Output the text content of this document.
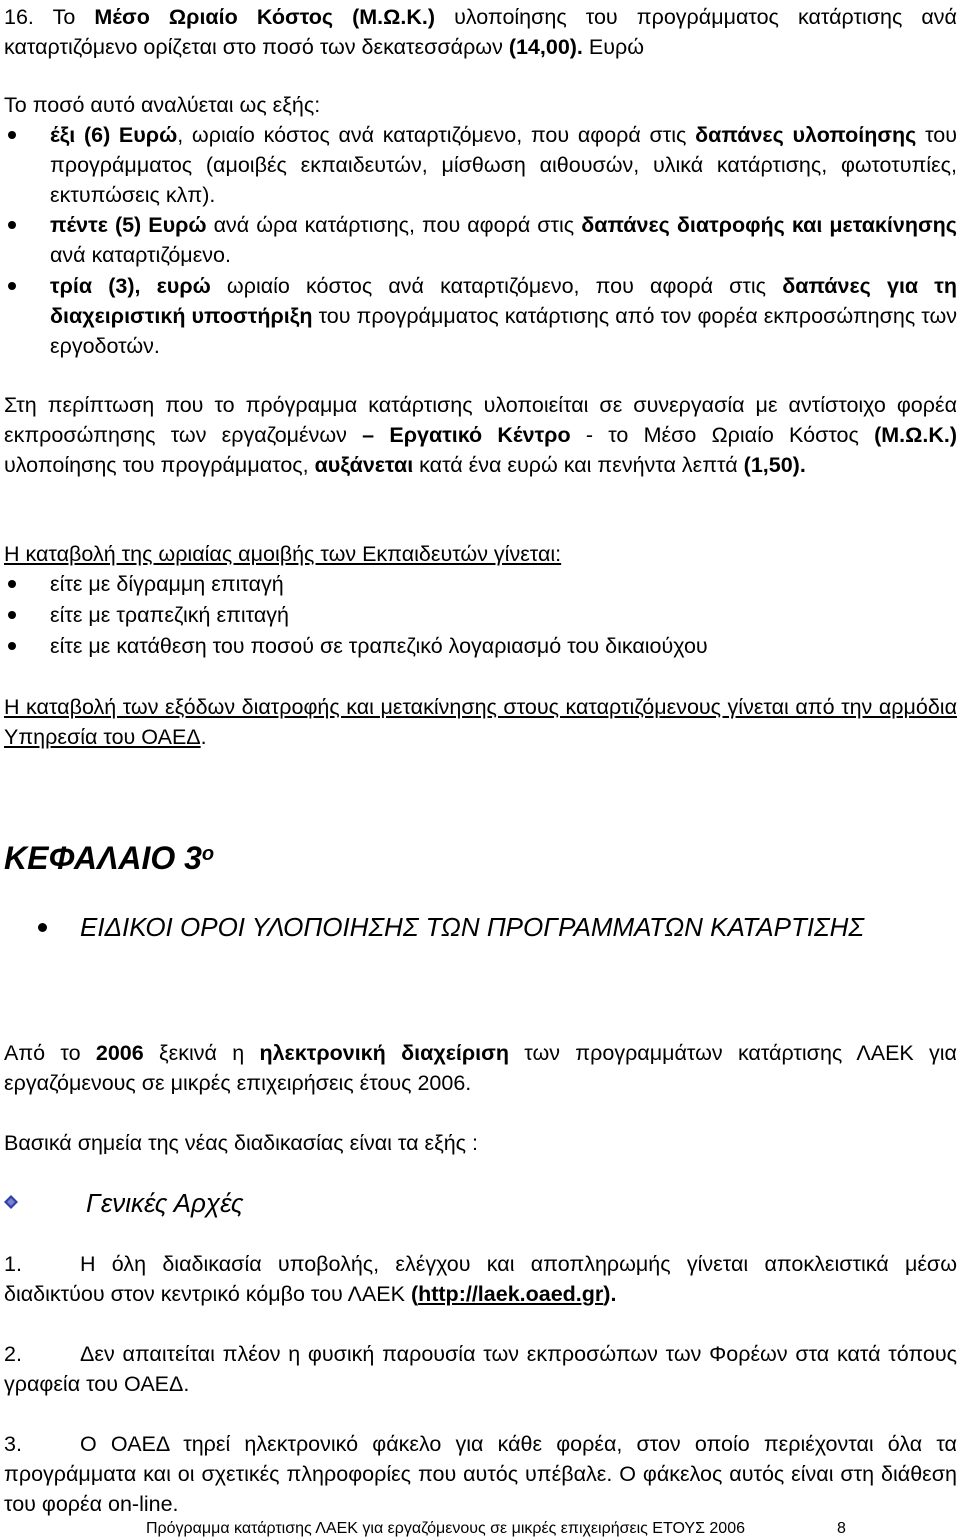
16. Το Μέσο Ωριαίο Κόστος (Μ.Ω.Κ.) υλοποίησης του προγράμματος κατάρτισης ανά καταρτιζόμενο ορίζεται στο ποσό των δεκατεσσάρων (14,00). Ευρώ
Το ποσό αυτό αναλύεται ως εξής:
έξι (6) Ευρώ, ωριαίο κόστος ανά καταρτιζόμενο, που αφορά στις δαπάνες υλοποίησης του προγράμματος (αμοιβές εκπαιδευτών, μίσθωση αιθουσών, υλικά κατάρτισης, φωτοτυπίες, εκτυπώσεις κλπ).
πέντε (5) Ευρώ ανά ώρα κατάρτισης, που αφορά στις δαπάνες διατροφής και μετακίνησης ανά καταρτιζόμενο.
τρία (3), ευρώ ωριαίο κόστος ανά καταρτιζόμενο, που αφορά στις δαπάνες για τη διαχειριστική υποστήριξη του προγράμματος κατάρτισης από τον φορέα εκπροσώπησης των εργοδοτών.
Στη περίπτωση που το πρόγραμμα κατάρτισης υλοποιείται σε συνεργασία με αντίστοιχο φορέα εκπροσώπησης των εργαζομένων – Εργατικό Κέντρο - το Μέσο Ωριαίο Κόστος (Μ.Ω.Κ.) υλοποίησης του προγράμματος, αυξάνεται κατά ένα ευρώ και πενήντα λεπτά (1,50).
Η καταβολή της ωριαίας αμοιβής των Εκπαιδευτών γίνεται:
είτε με δίγραμμη επιταγή
είτε με τραπεζική επιταγή
είτε με κατάθεση του ποσού σε τραπεζικό λογαριασμό του δικαιούχου
Η καταβολή των εξόδων διατροφής και μετακίνησης στους καταρτιζόμενους γίνεται από την αρμόδια Υπηρεσία του ΟΑΕΔ.
ΚΕΦΑΛΑΙΟ $3^o$
ΕΙΔΙΚΟΙ ΟΡΟΙ ΥΛΟΠΟΙΗΣΗΣ ΤΩΝ ΠΡΟΓΡΑΜΜΑΤΩΝ ΚΑΤΑΡΤΙΣΗΣ
Από το 2006 ξεκινά η ηλεκτρονική διαχείριση των προγραμμάτων κατάρτισης ΛΑΕΚ για εργαζόμενους σε μικρές επιχειρήσεις έτους 2006.
Βασικά σημεία της νέας διαδικασίας είναι τα εξής :
Γενικές Αρχές
1.	Η όλη διαδικασία υποβολής, ελέγχου και αποπληρωμής γίνεται αποκλειστικά μέσω διαδικτύου στον κεντρικό κόμβο του ΛΑΕΚ (http://laek.oaed.gr).
2.	Δεν απαιτείται πλέον η φυσική παρουσία των εκπροσώπων των Φορέων στα κατά τόπους γραφεία του ΟΑΕΔ.
3.	Ο ΟΑΕΔ τηρεί ηλεκτρονικό φάκελο για κάθε φορέα, στον οποίο περιέχονται όλα τα προγράμματα και οι σχετικές πληροφορίες που αυτός υπέβαλε. Ο φάκελος αυτός είναι στη διάθεση του φορέα on-line.
Πρόγραμμα κατάρτισης ΛΑΕΚ για εργαζόμενους σε μικρές επιχειρήσεις ΕΤΟΥΣ 2006	8
